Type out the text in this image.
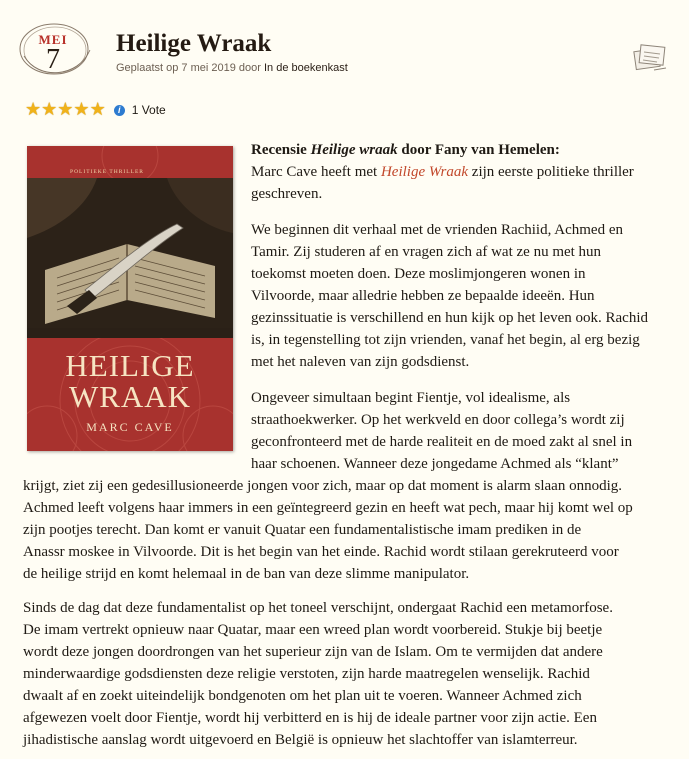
MEI
7
Heilige Wraak
Geplaatst op 7 mei 2019 door In de boekenkast
★ ★ ★ ★ ★	i 1 Vote
POLITIEKE THRILLER
HEILIGE
WRAAK
MARC CAVE
Recensie Heilige wraak door Fany van Hemelen:
Marc Cave heeft met Heilige Wraak zijn eerste politieke thriller
geschreven.
We beginnen dit verhaal met de vrienden Rachiid, Achmed en
Tamir. Zij studeren af en vragen zich af wat ze nu met hun
toekomst moeten doen. Deze moslimjongeren wonen in
Vilvoorde, maar alledrie hebben ze bepaalde ideeën. Hun
gezinssituatie is verschillend en hun kijk op het leven ook. Rachid
is, in tegenstelling tot zijn vrienden, vanaf het begin, al erg bezig
met het naleven van zijn godsdienst.
Ongeveer simultaan begint Fientje, vol idealisme, als
straathoekwerker. Op het werkveld en door collega’s wordt zij
geconfronteerd met de harde realiteit en de moed zakt al snel in
haar schoenen. Wanneer deze jongedame Achmed als “klant”
krijgt, ziet zij een gedesillusioneerde jongen voor zich, maar op dat moment is alarm slaan onnodig.
Achmed leeft volgens haar immers in een geïntegreerd gezin en heeft wat pech, maar hij komt wel op
zijn pootjes terecht. Dan komt er vanuit Quatar een fundamentalistische imam prediken in de
Anassr moskee in Vilvoorde. Dit is het begin van het einde. Rachid wordt stilaan gerekruteerd voor
de heilige strijd en komt helemaal in de ban van deze slimme manipulator.
Sinds de dag dat deze fundamentalist op het toneel verschijnt, ondergaat Rachid een metamorfose.
De imam vertrekt opnieuw naar Quatar, maar een wreed plan wordt voorbereid. Stukje bij beetje
wordt deze jongen doordrongen van het superieur zijn van de Islam. Om te vermijden dat andere
minderwaardige godsdiensten deze religie verstoten, zijn harde maatregelen wenselijk. Rachid
dwaalt af en zoekt uiteindelijk bondgenoten om het plan uit te voeren. Wanneer Achmed zich
afgewezen voelt door Fientje, wordt hij verbitterd en is hij de ideale partner voor zijn actie. Een
jihadistische aanslag wordt uitgevoerd en België is opnieuw het slachtoffer van islamterreur.
